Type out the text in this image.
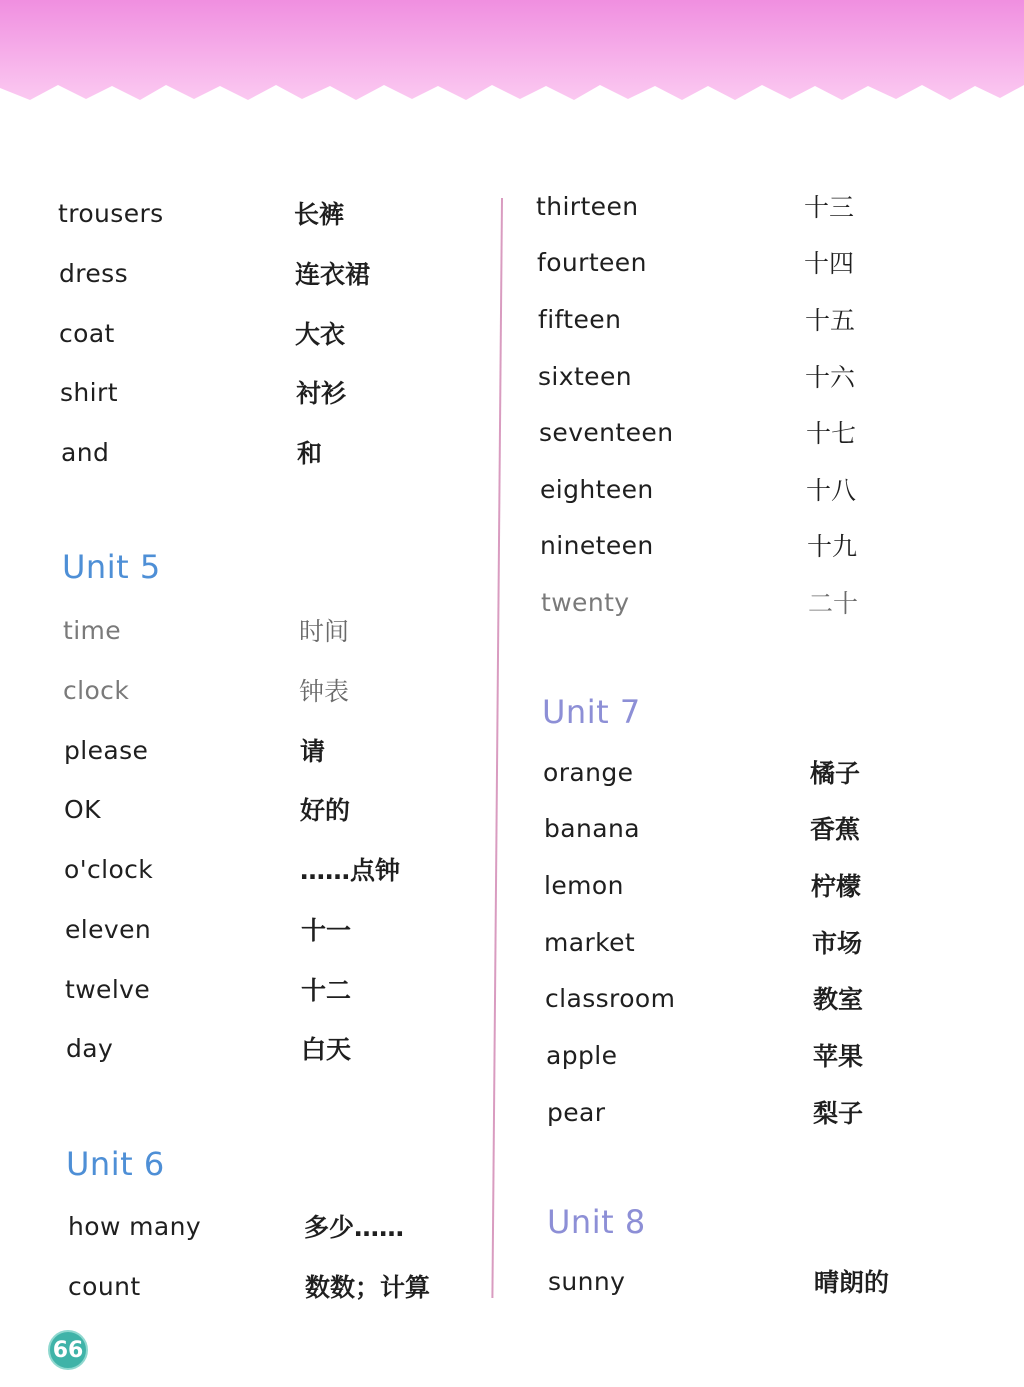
trousers	长裤
dress	连衣裙
coat	大衣
shirt	衬衫
and	和
Unit 5
time	时间
clock	钟表
please	请
OK	好的
o'clock	……点钟
eleven	十一
twelve	十二
day	白天
Unit 6
how many	多少……
count	数数；计算
thirteen	十三
fourteen	十四
fifteen	十五
sixteen	十六
seventeen	十七
eighteen	十八
nineteen	十九
twenty	二十
Unit 7
orange	橘子
banana	香蕉
lemon	柠檬
market	市场
classroom	教室
apple	苹果
pear	梨子
Unit 8
sunny	晴朗的
66
